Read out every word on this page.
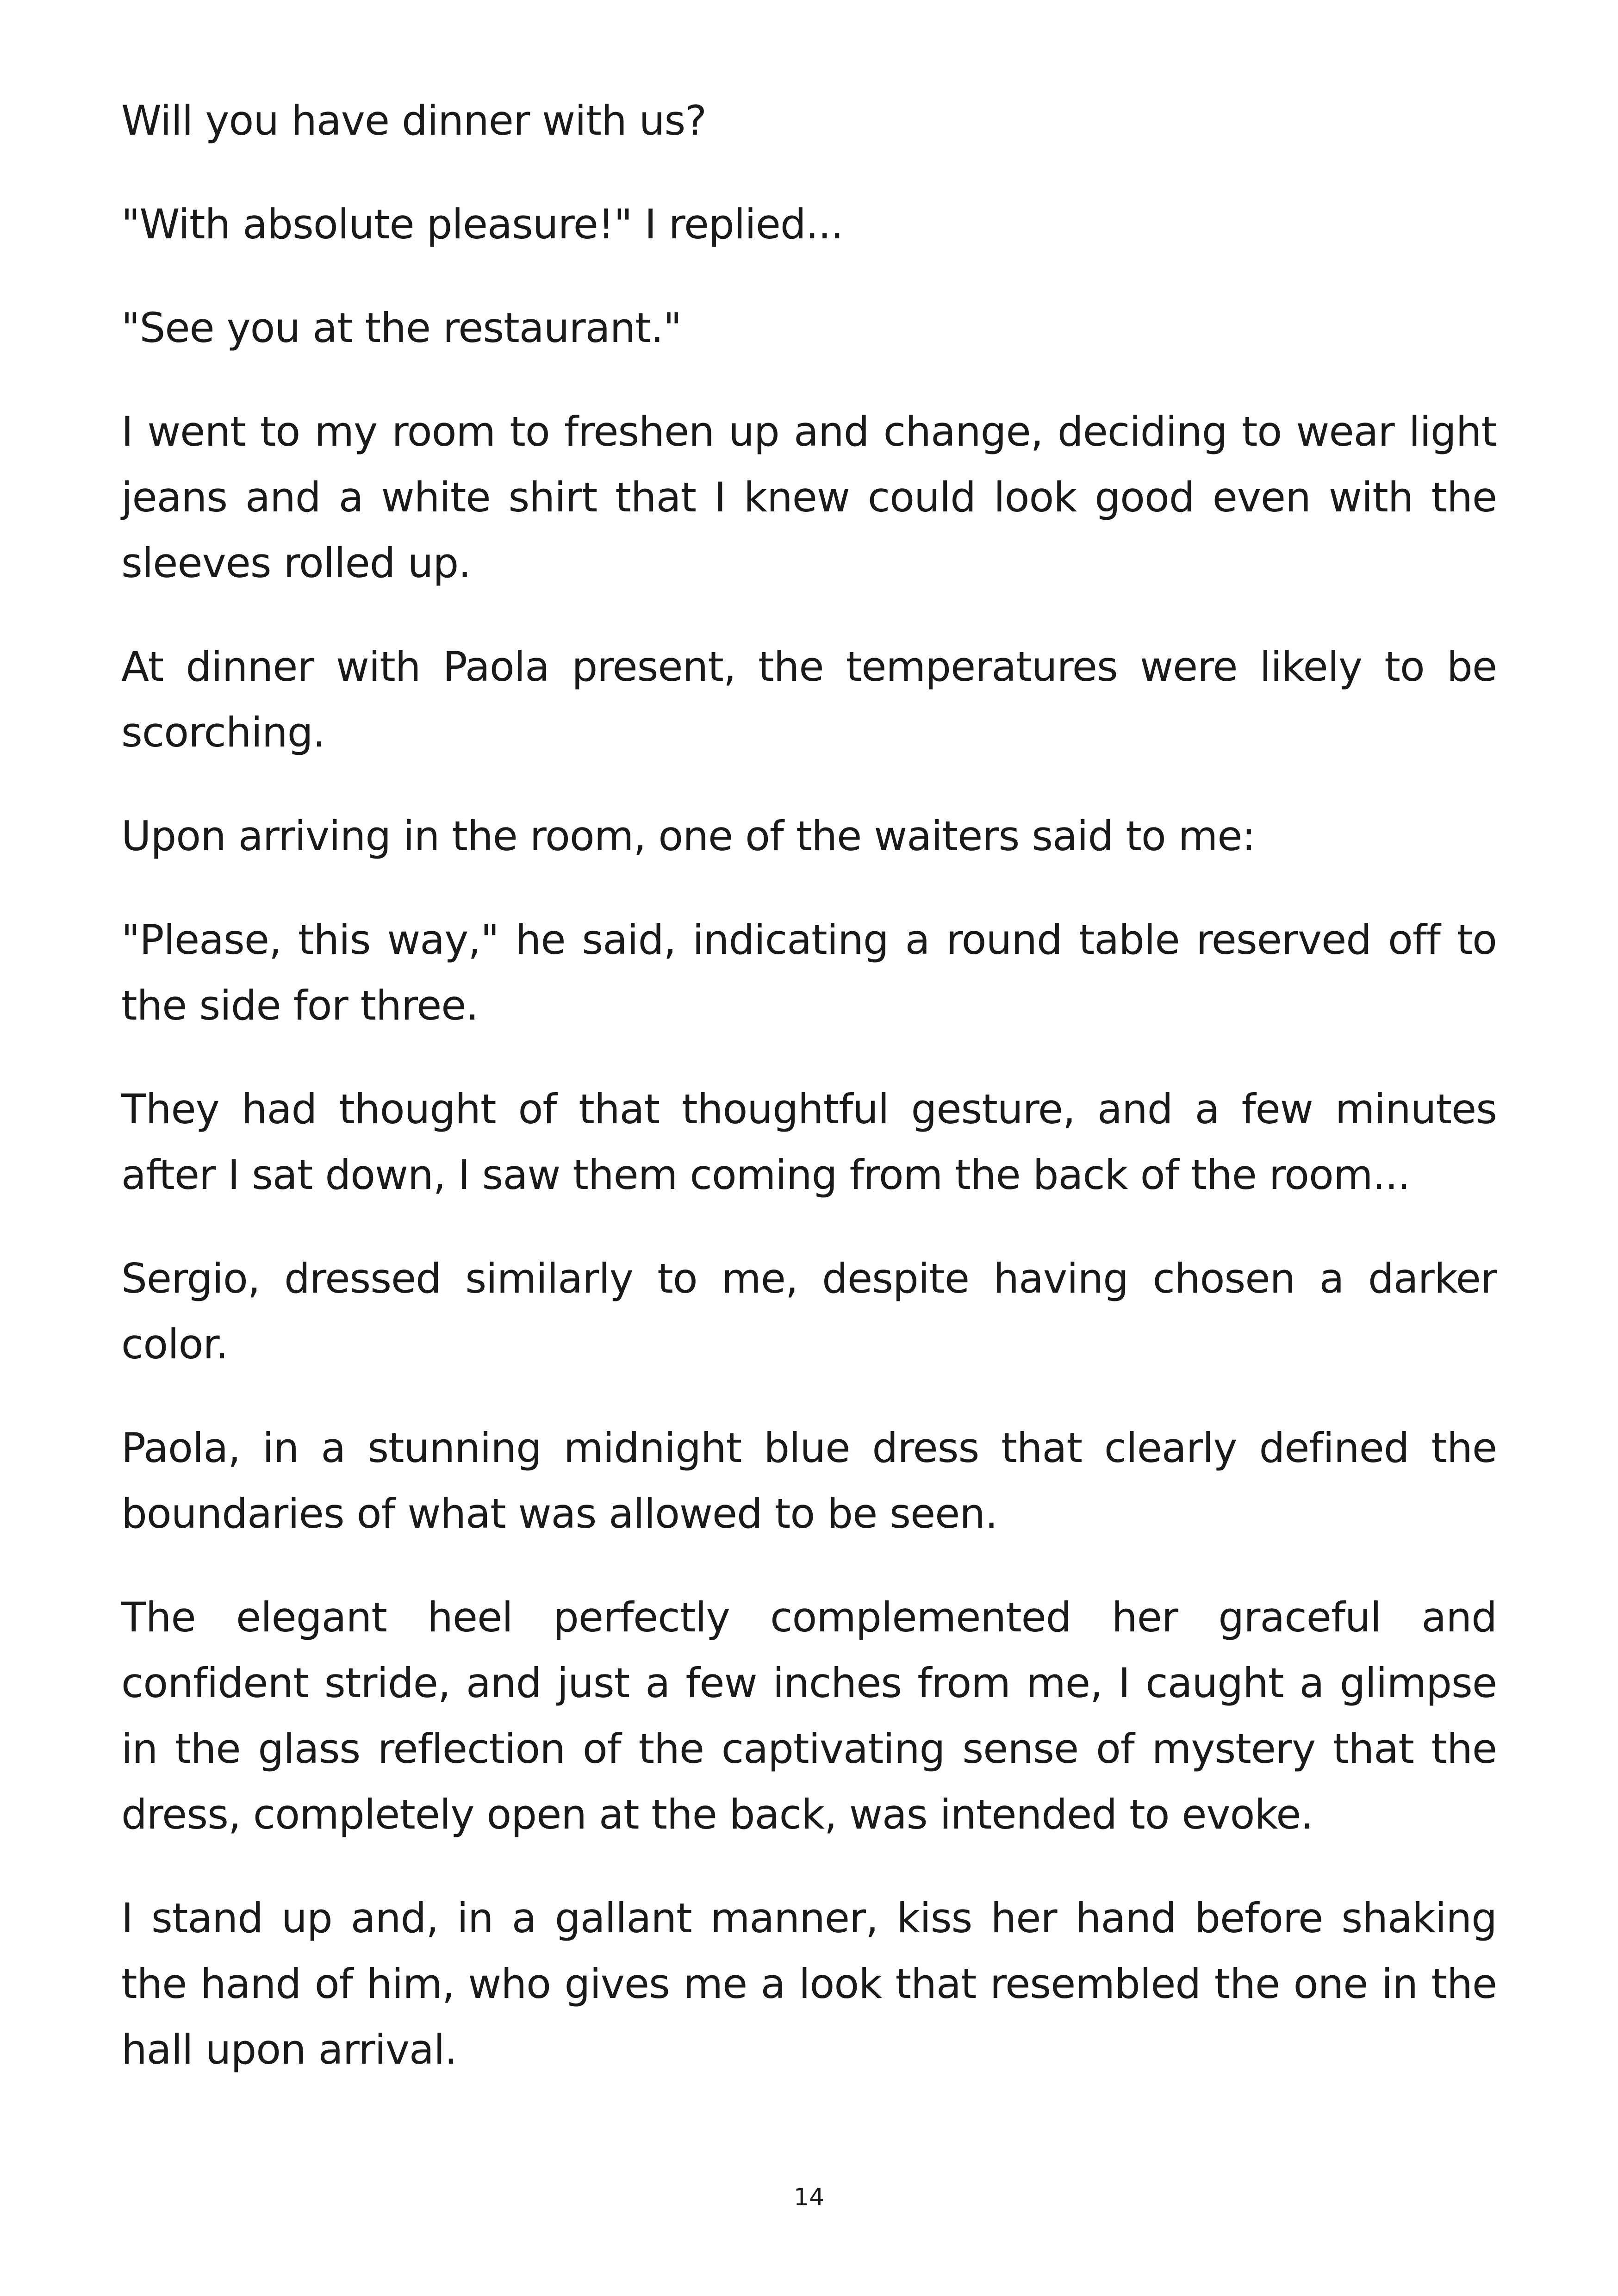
Will you have dinner with us?

"With absolute pleasure!" I replied...

"See you at the restaurant."

I went to my room to freshen up and change, deciding to wear light jeans and a white shirt that I knew could look good even with the sleeves rolled up.

At dinner with Paola present, the temperatures were likely to be scorching.

Upon arriving in the room, one of the waiters said to me:

"Please, this way," he said, indicating a round table reserved off to the side for three.

They had thought of that thoughtful gesture, and a few minutes after I sat down, I saw them coming from the back of the room...

Sergio, dressed similarly to me, despite having chosen a darker color.

Paola, in a stunning midnight blue dress that clearly defined the boundaries of what was allowed to be seen.

The elegant heel perfectly complemented her graceful and confident stride, and just a few inches from me, I caught a glimpse in the glass reflection of the captivating sense of mystery that the dress, completely open at the back, was intended to evoke.

I stand up and, in a gallant manner, kiss her hand before shaking the hand of him, who gives me a look that resembled the one in the hall upon arrival.

14
